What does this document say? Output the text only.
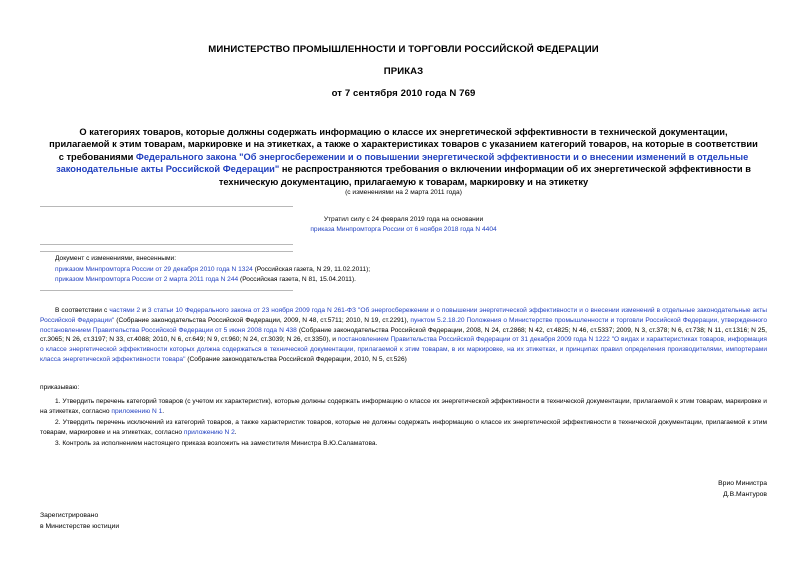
МИНИСТЕРСТВО ПРОМЫШЛЕННОСТИ И ТОРГОВЛИ РОССИЙСКОЙ ФЕДЕРАЦИИ
ПРИКАЗ
от 7 сентября 2010 года N 769
О категориях товаров, которые должны содержать информацию о классе их энергетической эффективности в технической документации, прилагаемой к этим товарам, маркировке и на этикетках, а также о характеристиках товаров с указанием категорий товаров, на которые в соответствии с требованиями Федерального закона "Об энергосбережении и о повышении энергетической эффективности и о внесении изменений в отдельные законодательные акты Российской Федерации" не распространяются требования о включении информации об их энергетической эффективности в техническую документацию, прилагаемую к товарам, маркировку и на этикетку
(с изменениями на 2 марта 2011 года)
Утратил силу с 24 февраля 2019 года на основании
приказа Минпромторга России от 6 ноября 2018 года N 4404
Документ с изменениями, внесенными:
приказом Минпромторга России от 29 декабря 2010 года N 1324 (Российская газета, N 29, 11.02.2011);
приказом Минпромторга России от 2 марта 2011 года N 244 (Российская газета, N 81, 15.04.2011).
В соответствии с частями 2 и 3 статьи 10 Федерального закона от 23 ноября 2009 года N 261-ФЗ "Об энергосбережении и о повышении энергетической эффективности и о внесении изменений в отдельные законодательные акты Российской Федерации" (Собрание законодательства Российской Федерации, 2009, N 48, ст.5711; 2010, N 19, ст.2291), пунктом 5.2.18.20 Положения о Министерстве промышленности и торговли Российской Федерации, утвержденного постановлением Правительства Российской Федерации от 5 июня 2008 года N 438 (Собрание законодательства Российской Федерации, 2008, N 24, ст.2868; N 42, ст.4825; N 46, ст.5337; 2009, N 3, ст.378; N 6, ст.738; N 11, ст.1316; N 25, ст.3065; N 26, ст.3197; N 33, ст.4088; 2010, N 6, ст.649; N 9, ст.960; N 24, ст.3039; N 26, ст.3350), и постановлением Правительства Российской Федерации от 31 декабря 2009 года N 1222 "О видах и характеристиках товаров, информация о классе энергетической эффективности которых должна содержаться в технической документации, прилагаемой к этим товарам, в их маркировке, на их этикетках, и принципах правил определения производителями, импортерами класса энергетической эффективности товара" (Собрание законодательства Российской Федерации, 2010, N 5, ст.526)
приказываю:
1. Утвердить перечень категорий товаров (с учетом их характеристик), которые должны содержать информацию о классе их энергетической эффективности в технической документации, прилагаемой к этим товарам, маркировке и на этикетках, согласно приложению N 1.
2. Утвердить перечень исключений из категорий товаров, а также характеристик товаров, которые не должны содержать информацию о классе их энергетической эффективности в технической документации, прилагаемой к этим товарам, маркировке и на этикетках, согласно приложению N 2.
3. Контроль за исполнением настоящего приказа возложить на заместителя Министра В.Ю.Саламатова.
Врио Министра
Д.В.Мантуров
Зарегистрировано
в Министерстве юстиции
